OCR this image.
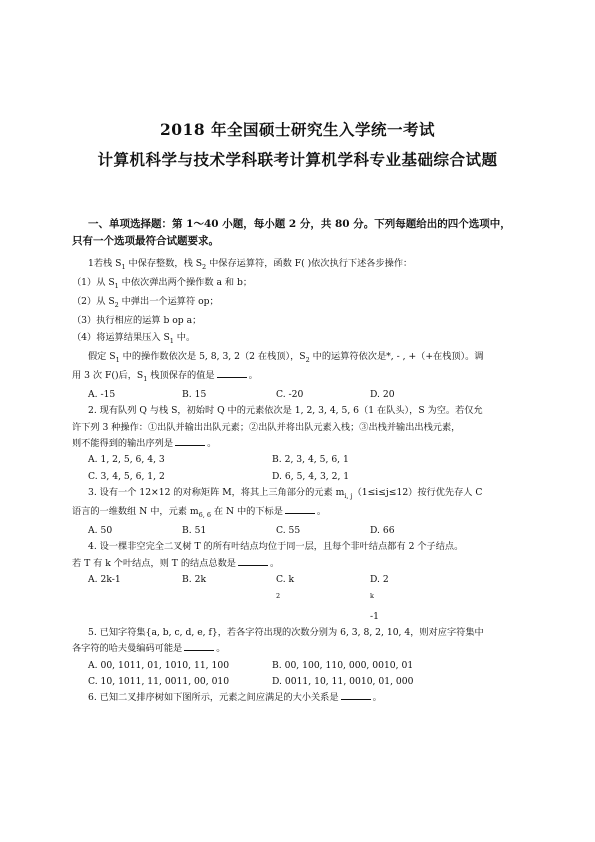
2018 年全国硕士研究生入学统一考试
计算机科学与技术学科联考计算机学科专业基础综合试题
一、单项选择题：第 1～40 小题，每小题 2 分，共 80 分。下列每题给出的四个选项中，
只有一个选项最符合试题要求。
1若栈 $S_1$ 中保存整数，栈 $S_2$ 中保存运算符，函数 F( )依次执行下述各步操作：
（1）从 $S_1$ 中依次弹出两个操作数 a 和 b；
（2）从 $S_2$ 中弹出一个运算符 op；
（3）执行相应的运算 b op a；
（4）将运算结果压入 $S_1$ 中。
假定 $S_1$ 中的操作数依次是 5, 8, 3, 2（2 在栈顶），$S_2$ 中的运算符依次是*, - , +（+在栈顶）。调
用 3 次 F()后，$S_1$ 栈顶保存的值是	。
A. -15	B. 15	C. -20	D. 20
2. 现有队列 Q 与栈 S，初始时 Q 中的元素依次是 1, 2, 3, 4, 5, 6（1 在队头），S 为空。若仅允
许下列 3 种操作：①出队并输出出队元素；②出队并将出队元素入栈；③出栈并输出出栈元素，
则不能得到的输出序列是	。
A. 1, 2, 5, 6, 4, 3	B. 2, 3, 4, 5, 6, 1
C. 3, 4, 5, 6, 1, 2	D. 6, 5, 4, 3, 2, 1
3. 设有一个 12×12 的对称矩阵 M，将其上三角部分的元素 $m_{i, j}(1\le i\le j\le 12)$按行优先存人 C
语言的一维数组 N 中，元素 $m_{6, 6}$ 在 N 中的下标是	。
A. 50	B. 51	C. 55	D. 66
4. 设一棵非空完全二叉树 T 的所有叶结点均位于同一层，且每个非叶结点都有 2 个子结点。
若 T 有 k 个叶结点，则 T 的结点总数是	。
A. 2k-1	B. 2k	C. $k^2$
D. 2$^k$-1
5. 已知字符集{a, b, c, d, e, f}，若各字符出现的次数分别为 6, 3, 8, 2, 10, 4，则对应字符集中
各字符的哈夫曼编码可能是	。
A. 00, 1011, 01, 1010, 11, 100	B. 00, 100, 110, 000, 0010, 01
C. 10, 1011, 11, 0011, 00, 010	D. 0011, 10, 11, 0010, 01, 000
6. 已知二叉排序树如下图所示，元素之间应满足的大小关系是	。
